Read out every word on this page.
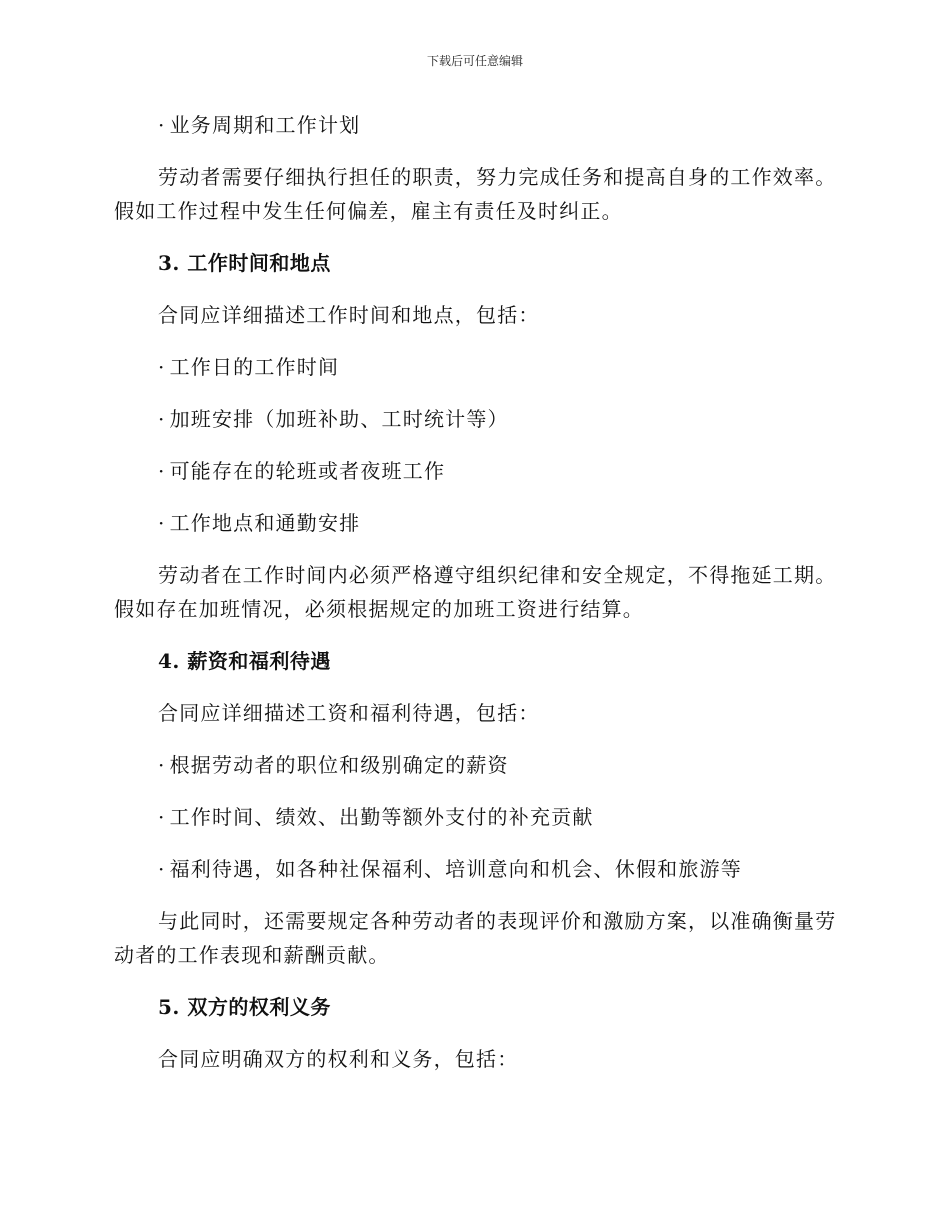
下载后可任意编辑
· 业务周期和工作计划
劳动者需要仔细执行担任的职责，努力完成任务和提高自身的工作效率。假如工作过程中发生任何偏差，雇主有责任及时纠正。
3. 工作时间和地点
合同应详细描述工作时间和地点，包括：
· 工作日的工作时间
· 加班安排（加班补助、工时统计等）
· 可能存在的轮班或者夜班工作
· 工作地点和通勤安排
劳动者在工作时间内必须严格遵守组织纪律和安全规定，不得拖延工期。假如存在加班情况，必须根据规定的加班工资进行结算。
4. 薪资和福利待遇
合同应详细描述工资和福利待遇，包括：
· 根据劳动者的职位和级别确定的薪资
· 工作时间、绩效、出勤等额外支付的补充贡献
· 福利待遇，如各种社保福利、培训意向和机会、休假和旅游等
与此同时，还需要规定各种劳动者的表现评价和激励方案，以准确衡量劳动者的工作表现和薪酬贡献。
5. 双方的权利义务
合同应明确双方的权利和义务，包括：
